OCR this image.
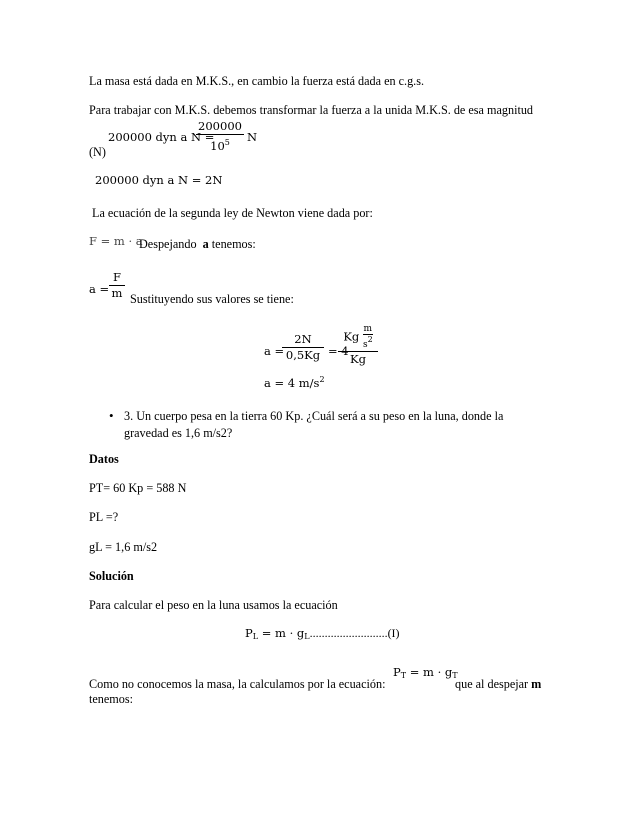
La masa está dada en M.K.S., en cambio la fuerza está dada en c.g.s.
Para trabajar con M.K.S. debemos transformar la fuerza a la unida M.K.S. de esa magnitud
200000 dyn a N =
200000
$10^5$	N
(N)
200000 dyn a N = 2N
La ecuación de la segunda ley de Newton viene dada por:
F = m · a
Despejando a tenemos:
a =
F
m Sustituyendo sus valores se tiene:
a =
2N
0,5Kg = 4
Kg $\frac{m}{s2}$
Kg
a = 4 $m/s^2$
• 3. Un cuerpo pesa en la tierra 60 Kp. ¿Cuál será a su peso en la luna, donde la
gravedad es 1,6 m/s2?
Datos
PT= 60 Kp = 588 N
PL =?
gL = 1,6 m/s2
Solución
Para calcular el peso en la luna usamos la ecuación
$P_L = m \cdot g_L..........................(I)$
Como no conocemos la masa, la calculamos por la ecuación:
$P_T = m \cdot g_T$
que al despejar m
tenemos:
